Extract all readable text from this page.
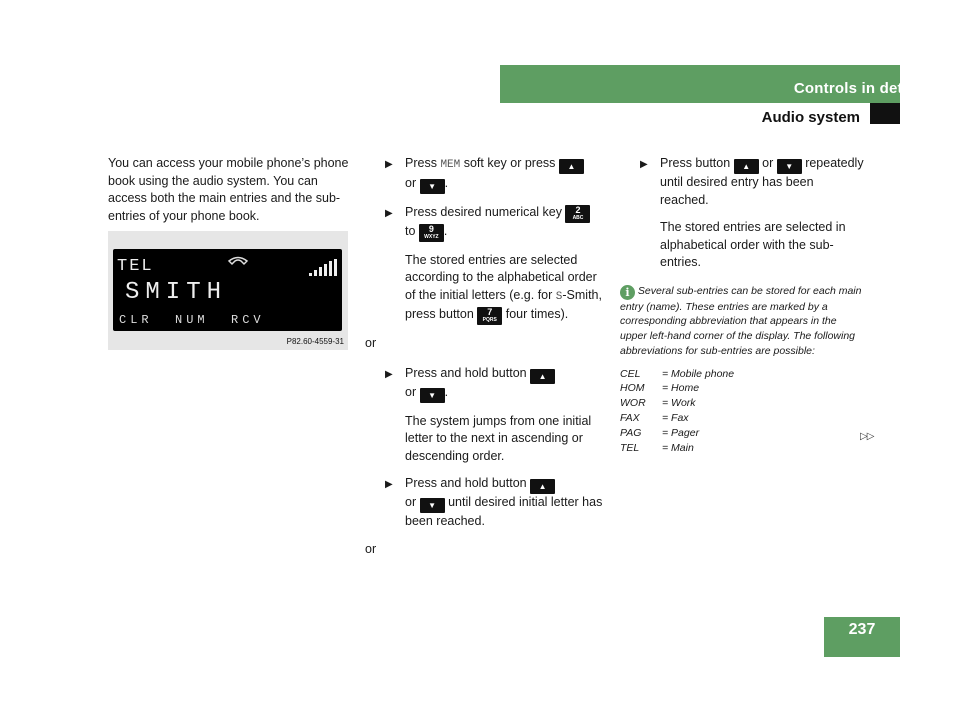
Controls in detail
Audio system

You can access your mobile phone’s phone book using the audio system. You can access both the main entries and the sub-entries of your phone book.

TEL
SMITH
CLR  NUM  RCV
P82.60-4559-31
▶ Press MEM soft key or press ▲
or ▼ .
▶ Press desired numerical key	2
ABC

to	9
WXYZ .
The stored entries are selected according to the alphabetical order of the initial letters (e.g. for S-Smith, press button	7
PQRS four times).
or
▶ Press and hold button ▲
or ▼ .
The system jumps from one initial letter to the next in ascending or descending order.
▶ Press and hold button ▲
or ▼ until desired initial letter has been reached.
or
▶ Press button ▲ or ▼ repeatedly until desired entry has been reached.
The stored entries are selected in alphabetical order with the sub-entries.
i Several sub-entries can be stored for each main entry (name). These entries are marked by a corresponding abbreviation that appears in the upper left-hand corner of the display. The following abbreviations for sub-entries are possible:
CEL = Mobile phone
HOM = Home
WOR = Work
FAX = Fax
PAG = Pager
TEL = Main
▷▷
237
